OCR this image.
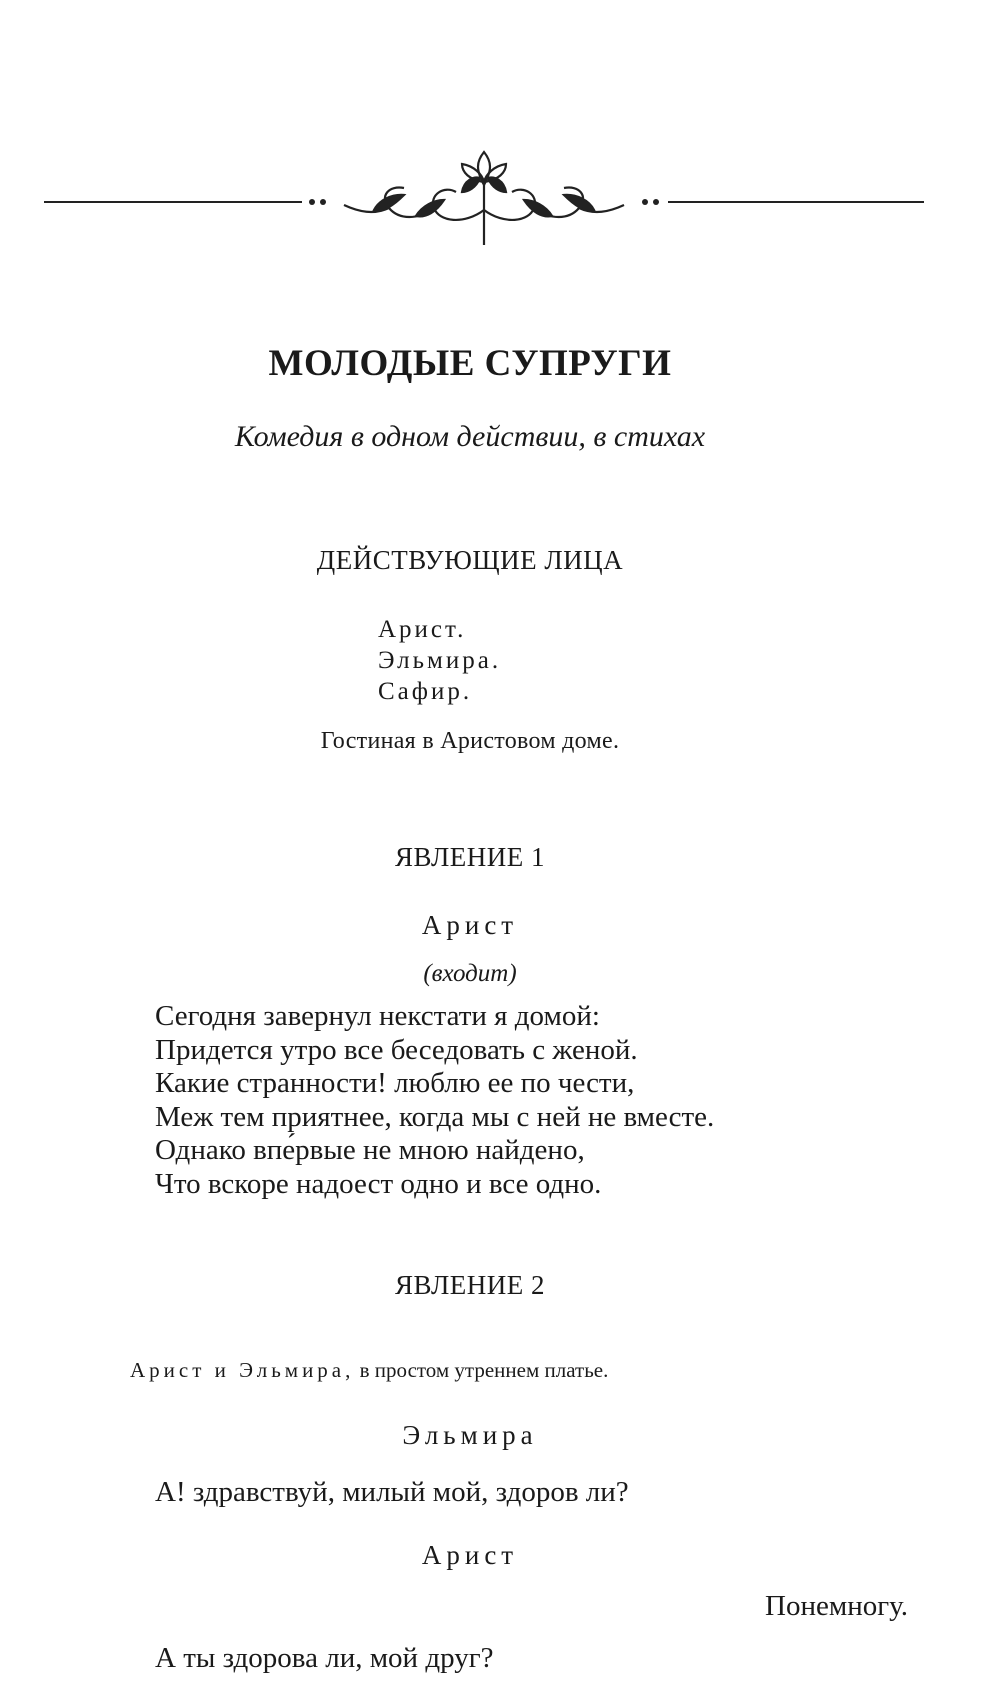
МОЛОДЫЕ СУПРУГИ
Комедия в одном действии, в стихах
ДЕЙСТВУЮЩИЕ ЛИЦА
Арист.
Эльмира.
Сафир.
Гостиная в Аристовом доме.
ЯВЛЕНИЕ 1
Арист
(входит)
Сегодня завернул некстати я домой:
Придется утро все беседовать с женой.
Какие странности! люблю ее по чести,
Меж тем приятнее, когда мы с ней не вместе.
Однако впе́рвые не мною найдено,
Что вскоре надоест одно и все одно.
ЯВЛЕНИЕ 2
Арист и Эльмира, в простом утреннем платье.
Эльмира
А! здравствуй, милый мой, здоров ли?
Арист
Понемногу.
А ты здорова ли, мой друг?
